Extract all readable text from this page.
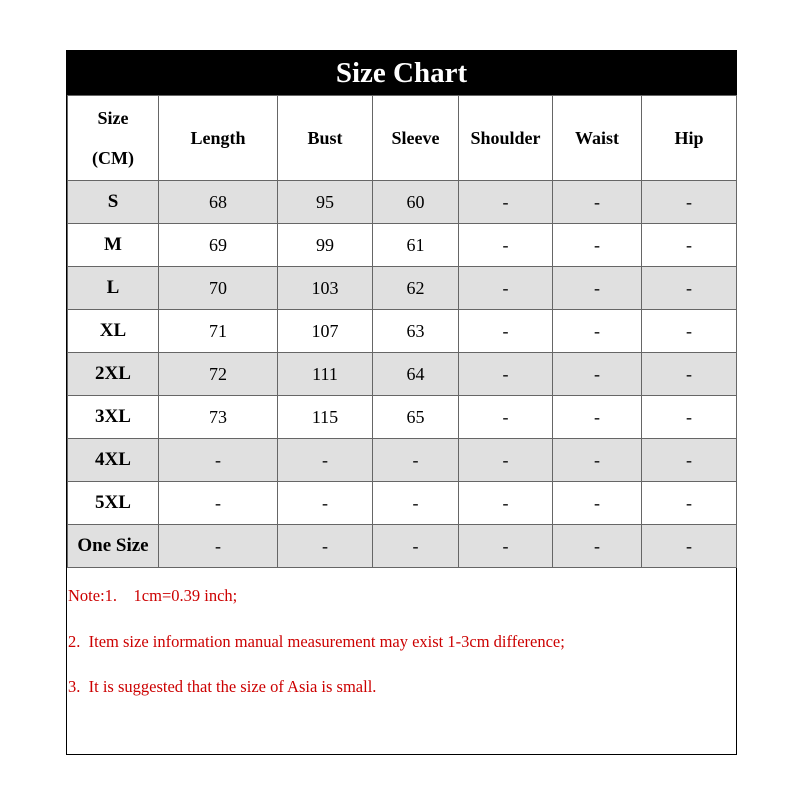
Size Chart
Size
(CM)	Length	Bust	Sleeve	Shoulder	Waist	Hip
S	68	95	60	-	-	-
M	69	99	61	-	-	-
L	70	103	62	-	-	-
XL	71	107	63	-	-	-
2XL	72	111	64	-	-	-
3XL	73	115	65	-	-	-
4XL	-	-	-	-	-	-
5XL	-	-	-	-	-	-
One Size	-	-	-	-	-	-
Note:1.    1cm=0.39 inch;
2.  Item size information manual measurement may exist 1-3cm difference;
3.  It is suggested that the size of Asia is small.
